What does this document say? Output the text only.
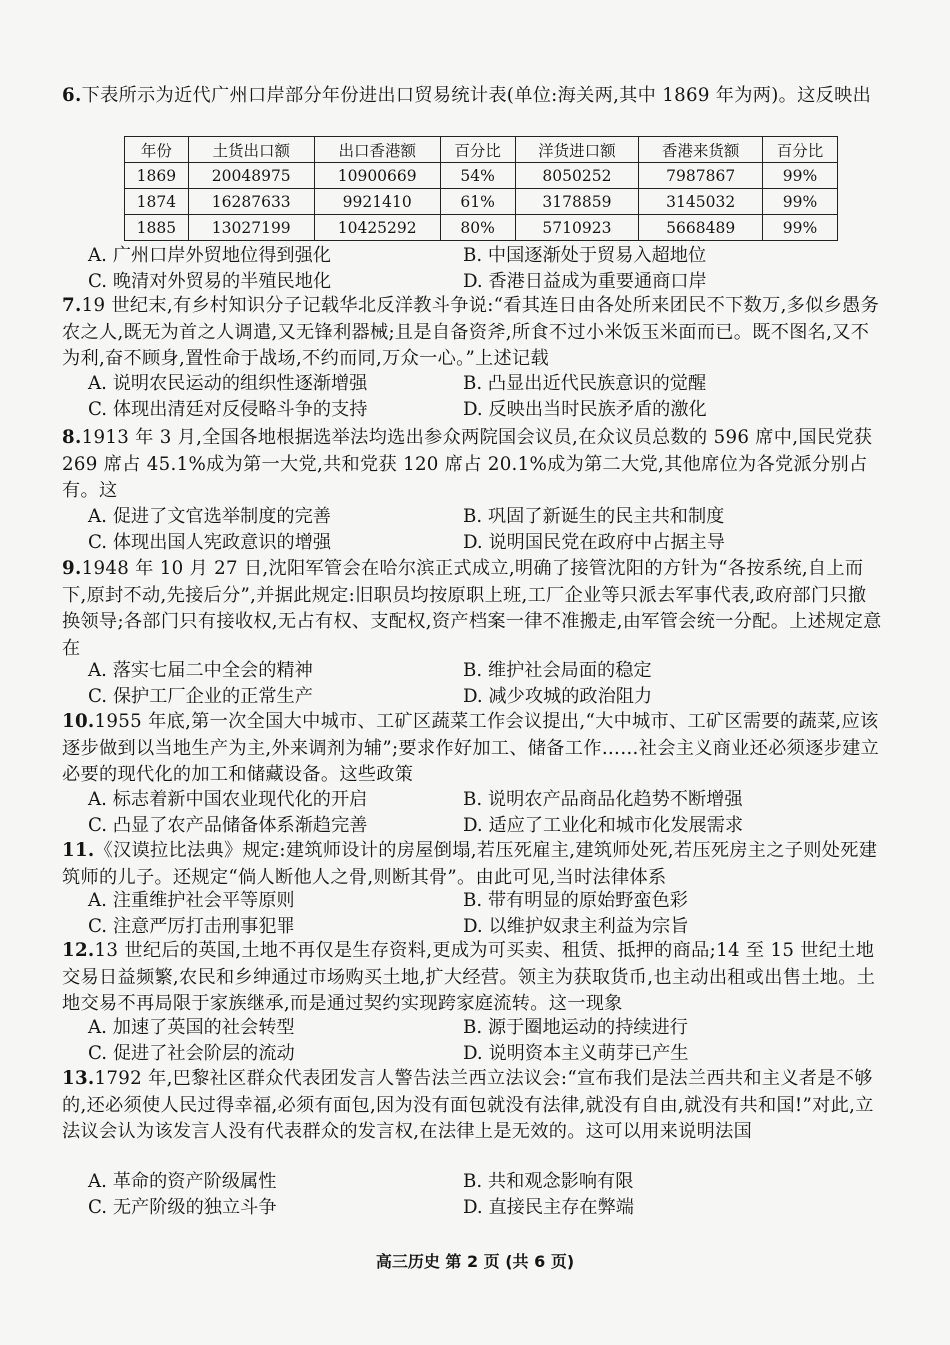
6.下表所示为近代广州口岸部分年份进出口贸易统计表(单位:海关两,其中 1869 年为两)。这反映出
年份	土货出口额	出口香港额	百分比	洋货进口额	香港来货额	百分比
1869	20048975	10900669	54%	8050252	7987867	99%
1874	16287633	9921410	61%	3178859	3145032	99%
1885	13027199	10425292	80%	5710923	5668489	99%
A. 广州口岸外贸地位得到强化	B. 中国逐渐处于贸易入超地位
C. 晚清对外贸易的半殖民地化	D. 香港日益成为重要通商口岸
7.19 世纪末,有乡村知识分子记载华北反洋教斗争说:“看其连日由各处所来团民不下数万,多似乡愚务农之人,既无为首之人调遣,又无锋利器械;且是自备资斧,所食不过小米饭玉米面而已。既不图名,又不为利,奋不顾身,置性命于战场,不约而同,万众一心。”上述记载
A. 说明农民运动的组织性逐渐增强	B. 凸显出近代民族意识的觉醒
C. 体现出清廷对反侵略斗争的支持	D. 反映出当时民族矛盾的激化
8.1913 年 3 月,全国各地根据选举法均选出参众两院国会议员,在众议员总数的 596 席中,国民党获 269 席占 45.1%成为第一大党,共和党获 120 席占 20.1%成为第二大党,其他席位为各党派分别占有。这
A. 促进了文官选举制度的完善	B. 巩固了新诞生的民主共和制度
C. 体现出国人宪政意识的增强	D. 说明国民党在政府中占据主导
9.1948 年 10 月 27 日,沈阳军管会在哈尔滨正式成立,明确了接管沈阳的方针为“各按系统,自上而下,原封不动,先接后分”,并据此规定:旧职员均按原职上班,工厂企业等只派去军事代表,政府部门只撤换领导;各部门只有接收权,无占有权、支配权,资产档案一律不准搬走,由军管会统一分配。上述规定意在
A. 落实七届二中全会的精神	B. 维护社会局面的稳定
C. 保护工厂企业的正常生产	D. 减少攻城的政治阻力
10.1955 年底,第一次全国大中城市、工矿区蔬菜工作会议提出,“大中城市、工矿区需要的蔬菜,应该逐步做到以当地生产为主,外来调剂为辅”;要求作好加工、储备工作……社会主义商业还必须逐步建立必要的现代化的加工和储藏设备。这些政策
A. 标志着新中国农业现代化的开启	B. 说明农产品商品化趋势不断增强
C. 凸显了农产品储备体系渐趋完善	D. 适应了工业化和城市化发展需求
11.《汉谟拉比法典》规定:建筑师设计的房屋倒塌,若压死雇主,建筑师处死,若压死房主之子则处死建筑师的儿子。还规定“倘人断他人之骨,则断其骨”。由此可见,当时法律体系
A. 注重维护社会平等原则	B. 带有明显的原始野蛮色彩
C. 注意严厉打击刑事犯罪	D. 以维护奴隶主利益为宗旨
12.13 世纪后的英国,土地不再仅是生存资料,更成为可买卖、租赁、抵押的商品;14 至 15 世纪土地交易日益频繁,农民和乡绅通过市场购买土地,扩大经营。领主为获取货币,也主动出租或出售土地。土地交易不再局限于家族继承,而是通过契约实现跨家庭流转。这一现象
A. 加速了英国的社会转型	B. 源于圈地运动的持续进行
C. 促进了社会阶层的流动	D. 说明资本主义萌芽已产生
13.1792 年,巴黎社区群众代表团发言人警告法兰西立法议会:“宣布我们是法兰西共和主义者是不够的,还必须使人民过得幸福,必须有面包,因为没有面包就没有法律,就没有自由,就没有共和国!”对此,立法议会认为该发言人没有代表群众的发言权,在法律上是无效的。这可以用来说明法国
A. 革命的资产阶级属性	B. 共和观念影响有限
C. 无产阶级的独立斗争	D. 直接民主存在弊端
高三历史 第 2 页 (共 6 页)
